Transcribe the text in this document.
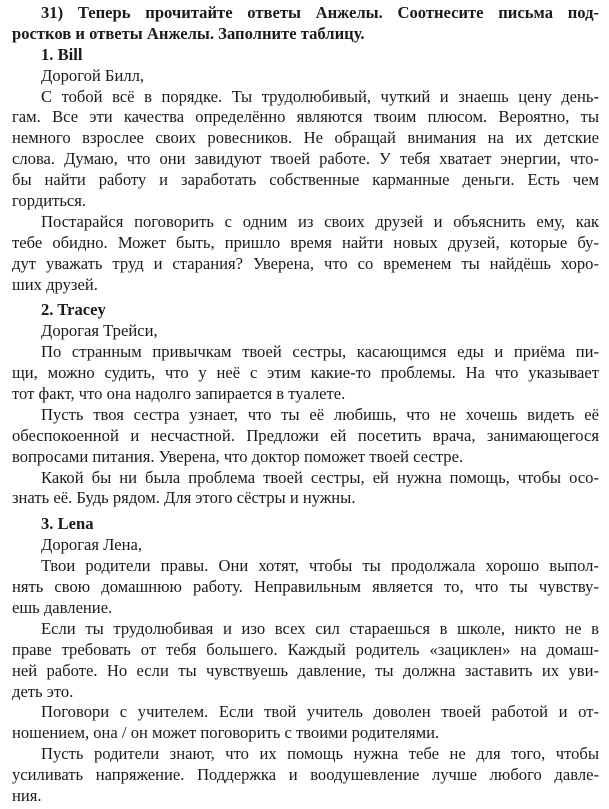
31) Теперь прочитайте ответы Анжелы. Соотнесите письма под-
ростков и ответы Анжелы. Заполните таблицу.
1. Bill
Дорогой Билл,
С тобой всё в порядке. Ты трудолюбивый, чуткий и знаешь цену день-
гам. Все эти качества определённо являются твоим плюсом. Вероятно, ты
немного взрослее своих ровесников. Не обращай внимания на их детские
слова. Думаю, что они завидуют твоей работе. У тебя хватает энергии, что-
бы найти работу и заработать собственные карманные деньги. Есть чем
гордиться.
Постарайся поговорить с одним из своих друзей и объяснить ему, как
тебе обидно. Может быть, пришло время найти новых друзей, которые бу-
дут уважать труд и старания? Уверена, что со временем ты найдёшь хоро-
ших друзей.
2. Tracey
Дорогая Трейси,
По странным привычкам твоей сестры, касающимся еды и приёма пи-
щи, можно судить, что у неё с этим какие-то проблемы. На что указывает
тот факт, что она надолго запирается в туалете.
Пусть твоя сестра узнает, что ты её любишь, что не хочешь видеть её
обеспокоенной и несчастной. Предложи ей посетить врача, занимающегося
вопросами питания. Уверена, что доктор поможет твоей сестре.
Какой бы ни была проблема твоей сестры, ей нужна помощь, чтобы осо-
знать её. Будь рядом. Для этого сёстры и нужны.
3. Lena
Дорогая Лена,
Твои родители правы. Они хотят, чтобы ты продолжала хорошо выпол-
нять свою домашнюю работу. Неправильным является то, что ты чувству-
ешь давление.
Если ты трудолюбивая и изо всех сил стараешься в школе, никто не в
праве требовать от тебя большего. Каждый родитель «зациклен» на домаш-
ней работе. Но если ты чувствуешь давление, ты должна заставить их уви-
деть это.
Поговори с учителем. Если твой учитель доволен твоей работой и от-
ношением, она / он может поговорить с твоими родителями.
Пусть родители знают, что их помощь нужна тебе не для того, чтобы
усиливать напряжение. Поддержка и воодушевление лучше любого давле-
ния.
